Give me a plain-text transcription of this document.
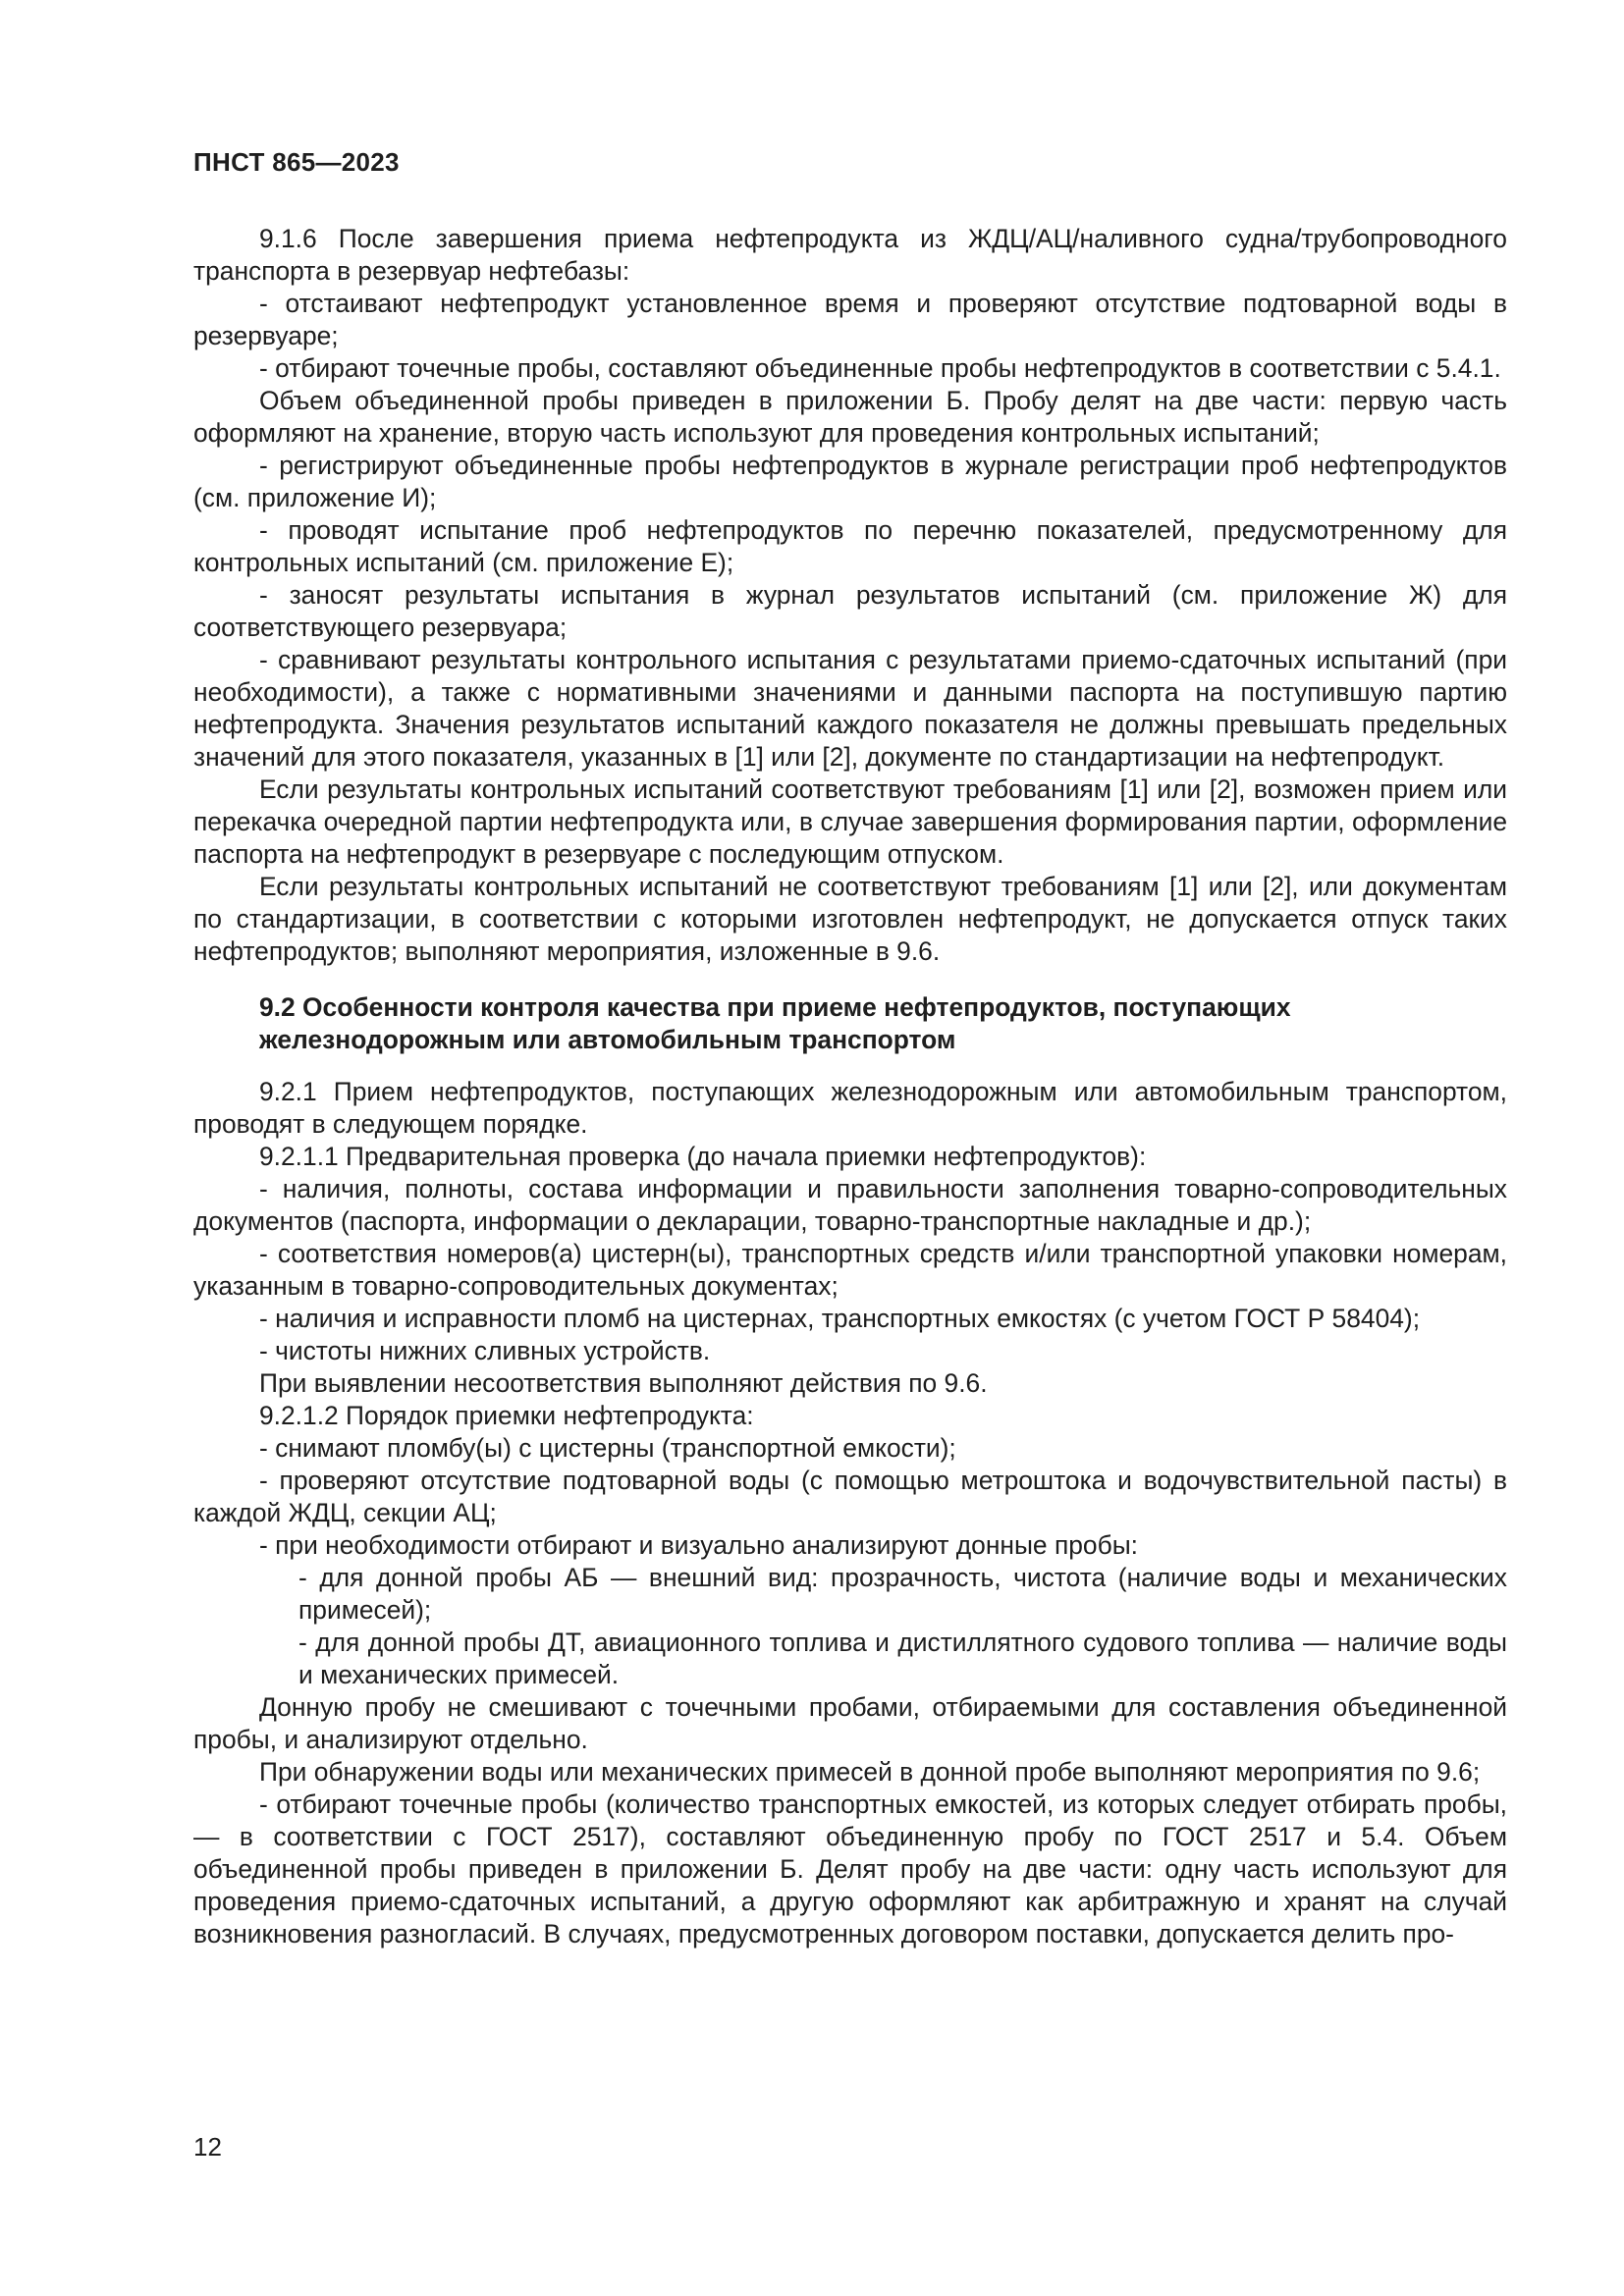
ПНСТ 865—2023

9.1.6 После завершения приема нефтепродукта из ЖДЦ/АЦ/наливного судна/трубопроводного транспорта в резервуар нефтебазы:

- отстаивают нефтепродукт установленное время и проверяют отсутствие подтоварной воды в резервуаре;

- отбирают точечные пробы, составляют объединенные пробы нефтепродуктов в соответствии с 5.4.1.

Объем объединенной пробы приведен в приложении Б. Пробу делят на две части: первую часть оформляют на хранение, вторую часть используют для проведения контрольных испытаний;

- регистрируют объединенные пробы нефтепродуктов в журнале регистрации проб нефтепродуктов (см. приложение И);

- проводят испытание проб нефтепродуктов по перечню показателей, предусмотренному для контрольных испытаний (см. приложение Е);

- заносят результаты испытания в журнал результатов испытаний (см. приложение Ж) для соответствующего резервуара;

- сравнивают результаты контрольного испытания с результатами приемо-сдаточных испытаний (при необходимости), а также с нормативными значениями и данными паспорта на поступившую партию нефтепродукта. Значения результатов испытаний каждого показателя не должны превышать предельных значений для этого показателя, указанных в [1] или [2], документе по стандартизации на нефтепродукт.

Если результаты контрольных испытаний соответствуют требованиям [1] или [2], возможен прием или перекачка очередной партии нефтепродукта или, в случае завершения формирования партии, оформление паспорта на нефтепродукт в резервуаре с последующим отпуском.

Если результаты контрольных испытаний не соответствуют требованиям [1] или [2], или документам по стандартизации, в соответствии с которыми изготовлен нефтепродукт, не допускается отпуск таких нефтепродуктов; выполняют мероприятия, изложенные в 9.6.

9.2 Особенности контроля качества при приеме нефтепродуктов, поступающих железнодорожным или автомобильным транспортом

9.2.1 Прием нефтепродуктов, поступающих железнодорожным или автомобильным транспортом, проводят в следующем порядке.

9.2.1.1 Предварительная проверка (до начала приемки нефтепродуктов):

- наличия, полноты, состава информации и правильности заполнения товарно-сопроводительных документов (паспорта, информации о декларации, товарно-транспортные накладные и др.);

- соответствия номеров(а) цистерн(ы), транспортных средств и/или транспортной упаковки номерам, указанным в товарно-сопроводительных документах;

- наличия и исправности пломб на цистернах, транспортных емкостях (с учетом ГОСТ Р 58404);

- чистоты нижних сливных устройств.

При выявлении несоответствия выполняют действия по 9.6.

9.2.1.2 Порядок приемки нефтепродукта:

- снимают пломбу(ы) с цистерны (транспортной емкости);

- проверяют отсутствие подтоварной воды (с помощью метроштока и водочувствительной пасты) в каждой ЖДЦ, секции АЦ;

- при необходимости отбирают и визуально анализируют донные пробы:

- для донной пробы АБ — внешний вид: прозрачность, чистота (наличие воды и механических примесей);

- для донной пробы ДТ, авиационного топлива и дистиллятного судового топлива — наличие воды и механических примесей.

Донную пробу не смешивают с точечными пробами, отбираемыми для составления объединенной пробы, и анализируют отдельно.

При обнаружении воды или механических примесей в донной пробе выполняют мероприятия по 9.6;

- отбирают точечные пробы (количество транспортных емкостей, из которых следует отбирать пробы, — в соответствии с ГОСТ 2517), составляют объединенную пробу по ГОСТ 2517 и 5.4. Объем объединенной пробы приведен в приложении Б. Делят пробу на две части: одну часть используют для проведения приемо-сдаточных испытаний, а другую оформляют как арбитражную и хранят на случай возникновения разногласий. В случаях, предусмотренных договором поставки, допускается делить про-

12
